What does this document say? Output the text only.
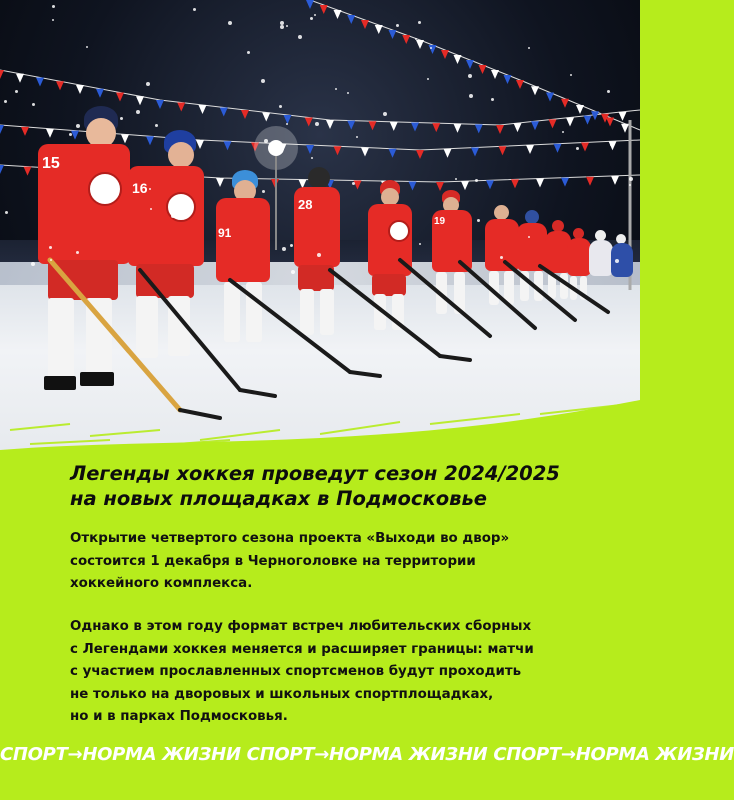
15
16
91
28
19
Легенды хоккея проведут сезон 2024/2025
на новых площадках в Подмосковье

Открытие четвертого сезона проекта «Выходи во двор»
состоится 1 декабря в Черноголовке на территории
хоккейного комплекса.

Однако в этом году формат встреч любительских сборных
с Легендами хоккея меняется и расширяет границы: матчи
с участием прославленных спортсменов будут проходить
не только на дворовых и школьных спортплощадках,
но и в парках Подмосковья.

СПОРТ→НОРМА ЖИЗНИ СПОРТ→НОРМА ЖИЗНИ СПОРТ→НОРМА ЖИЗНИ
